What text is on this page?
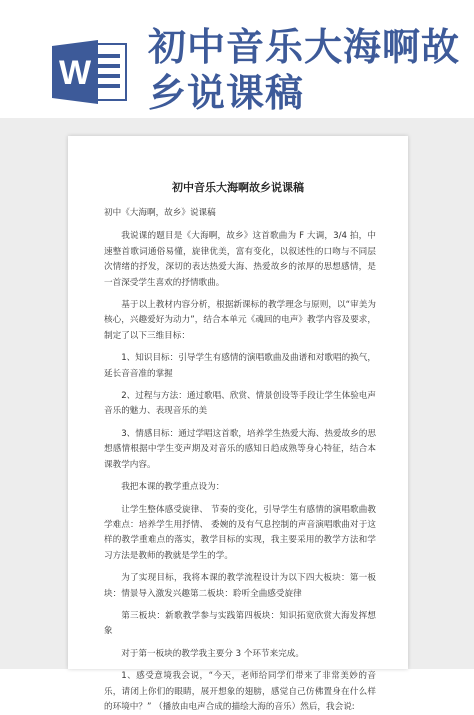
W
初中音乐大海啊故
乡说课稿
初中音乐大海啊故乡说课稿

初中《大海啊，故乡》说课稿

我说课的题目是《大海啊，故乡》这首歌曲为 F 大调，3/4 拍，中速整首歌词通俗易懂，旋律优美，富有变化，以叙述性的口吻与不同层次情绪的抒发，深切的表达热爱大海、热爱故乡的浓厚的思想感情，是一首深受学生喜欢的抒情歌曲。

基于以上教材内容分析，根据新课标的教学理念与原则，以“审美为核心，兴趣爱好为动力”，结合本单元《魂回的电声》教学内容及要求，制定了以下三维目标：

1、知识目标：引导学生有感情的演唱歌曲及曲谱和对歌唱的换气，延长音音准的掌握

2、过程与方法：通过歌唱、欣赏、情景创设等手段让学生体验电声音乐的魅力、表现音乐的美

3、情感目标：通过学唱这首歌，培养学生热爱大海、热爱故乡的思想感情根据中学生变声期及对音乐的感知日趋成熟等身心特征，结合本课教学内容。

我把本课的教学重点设为：

让学生整体感受旋律、 节奏的变化，引导学生有感情的演唱歌曲教学难点：培养学生用抒情、 委婉的及有气息控制的声音演唱歌曲对于这样的教学重难点的落实，教学目标的实现，我主要采用的教学方法和学习方法是教师的教就是学生的学。

为了实现目标，我将本课的教学流程设计为以下四大板块：第一板块：情景导入激发兴趣第二板块：聆听全曲感受旋律

第三板块：新歌教学参与实践第四板块：知识拓宽欣赏大海发挥想象

对于第一板块的教学我主要分 3 个环节来完成。

1、感受意境我会说，“今天，老师给同学们带来了非常美妙的音乐，请闭上你们的眼睛，展开想象的翅膀，感觉自己仿佛置身在什么样的环境中？” （播放由电声合成的描绘大海的音乐）然后，我会说:
